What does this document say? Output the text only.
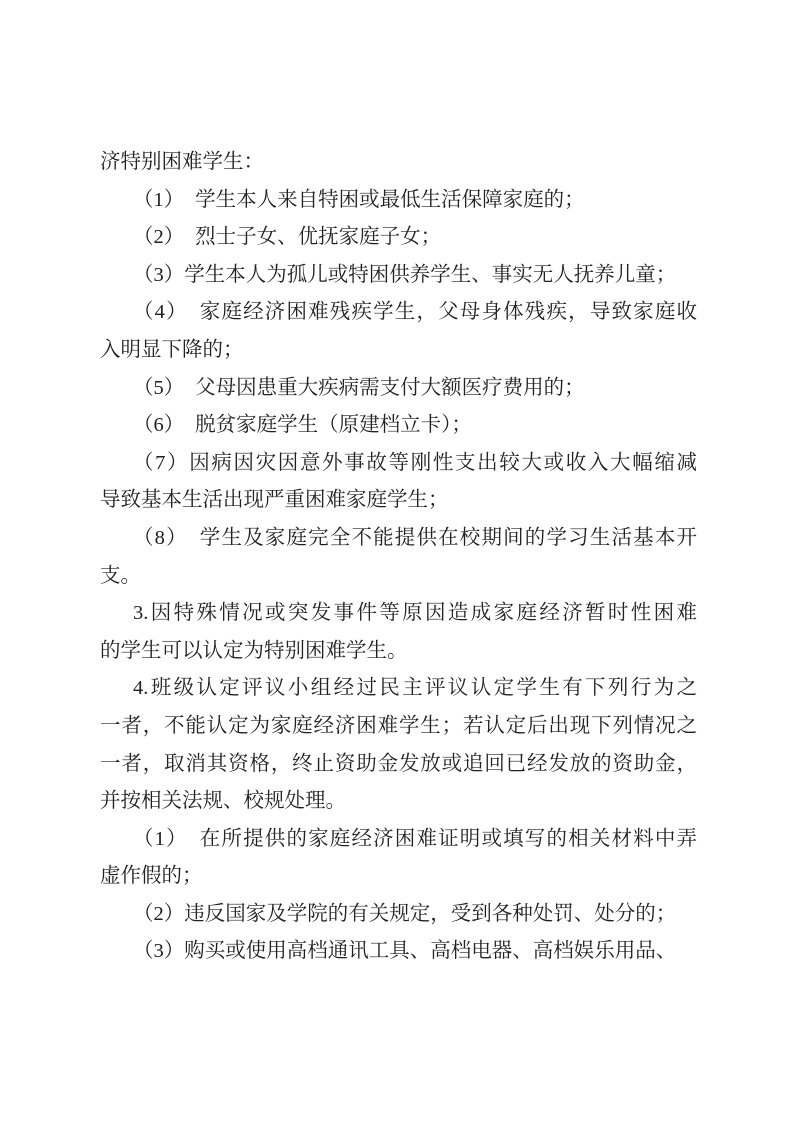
济特别困难学生：

（1） 学生本人来自特困或最低生活保障家庭的；

（2） 烈士子女、优抚家庭子女；

（3）学生本人为孤儿或特困供养学生、事实无人抚养儿童；

（4） 家庭经济困难残疾学生，父母身体残疾，导致家庭收

入明显下降的；

（5） 父母因患重大疾病需支付大额医疗费用的；

（6） 脱贫家庭学生（原建档立卡）；

（7）因病因灾因意外事故等刚性支出较大或收入大幅缩减

导致基本生活出现严重困难家庭学生；

（8） 学生及家庭完全不能提供在校期间的学习生活基本开

支。

3.因特殊情况或突发事件等原因造成家庭经济暂时性困难

的学生可以认定为特别困难学生。

4.班级认定评议小组经过民主评议认定学生有下列行为之

一者，不能认定为家庭经济困难学生；若认定后出现下列情况之

一者，取消其资格，终止资助金发放或追回已经发放的资助金，

并按相关法规、校规处理。

（1） 在所提供的家庭经济困难证明或填写的相关材料中弄

虚作假的；

（2）违反国家及学院的有关规定，受到各种处罚、处分的；

（3）购买或使用高档通讯工具、高档电器、高档娱乐用品、
